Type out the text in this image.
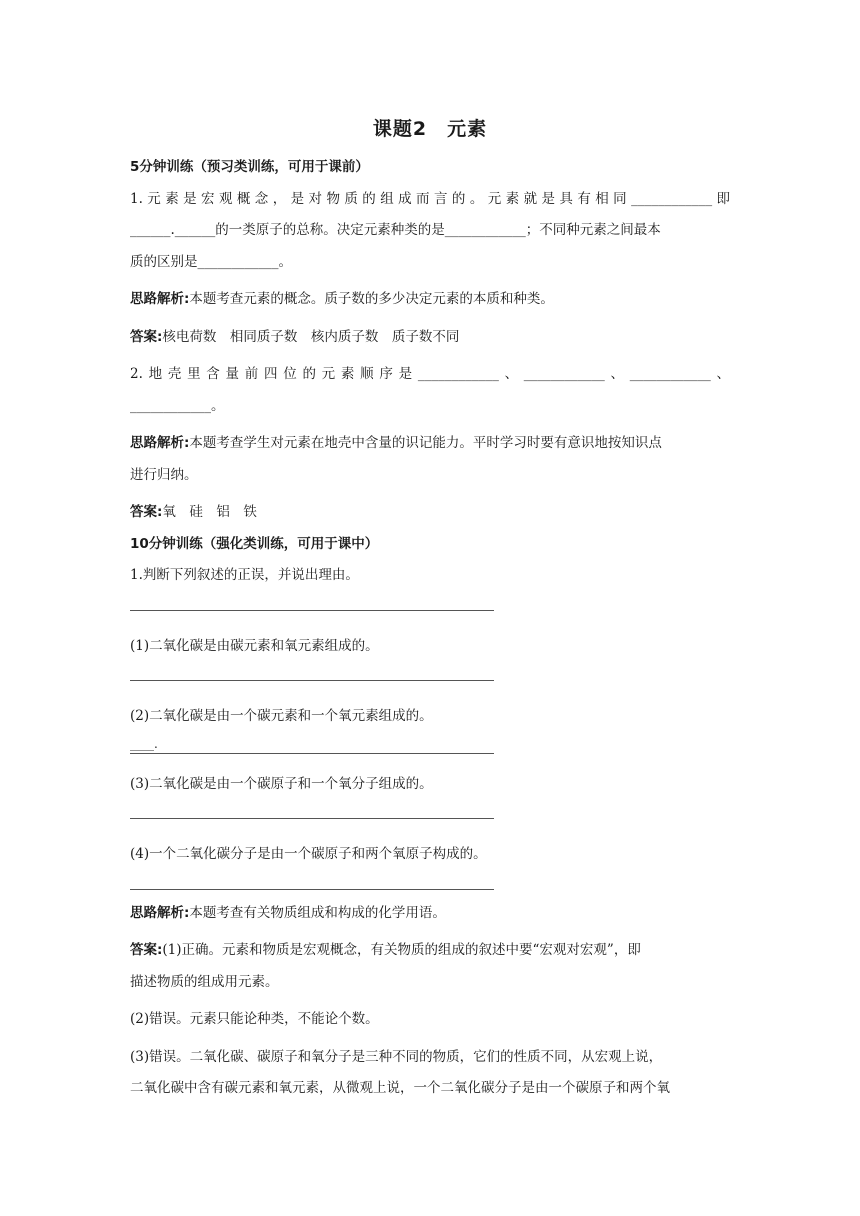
课题2　元素
5分钟训练（预习类训练，可用于课前）
1.元素是宏观概念，是对物质的组成而言的。元素就是具有相同____________即
______.______的一类原子的总称。决定元素种类的是____________；不同种元素之间最本
质的区别是____________。
思路解析:本题考查元素的概念。质子数的多少决定元素的本质和种类。
答案:核电荷数　相同质子数　核内质子数　质子数不同
2.地壳里含量前四位的元素顺序是____________、____________、____________、
____________。
思路解析:本题考查学生对元素在地壳中含量的识记能力。平时学习时要有意识地按知识点
进行归纳。
答案:氧　硅　铝　铁
10分钟训练（强化类训练，可用于课中）
1.判断下列叙述的正误，并说出理由。
(1)二氧化碳是由碳元素和氧元素组成的。
(2)二氧化碳是由一个碳元素和一个氧元素组成的。
____.
(3)二氧化碳是由一个碳原子和一个氧分子组成的。
(4)一个二氧化碳分子是由一个碳原子和两个氧原子构成的。
思路解析:本题考查有关物质组成和构成的化学用语。
答案:(1)正确。元素和物质是宏观概念，有关物质的组成的叙述中要“宏观对宏观”，即
描述物质的组成用元素。
(2)错误。元素只能论种类，不能论个数。
(3)错误。二氧化碳、碳原子和氧分子是三种不同的物质，它们的性质不同，从宏观上说，
二氧化碳中含有碳元素和氧元素，从微观上说，一个二氧化碳分子是由一个碳原子和两个氧
